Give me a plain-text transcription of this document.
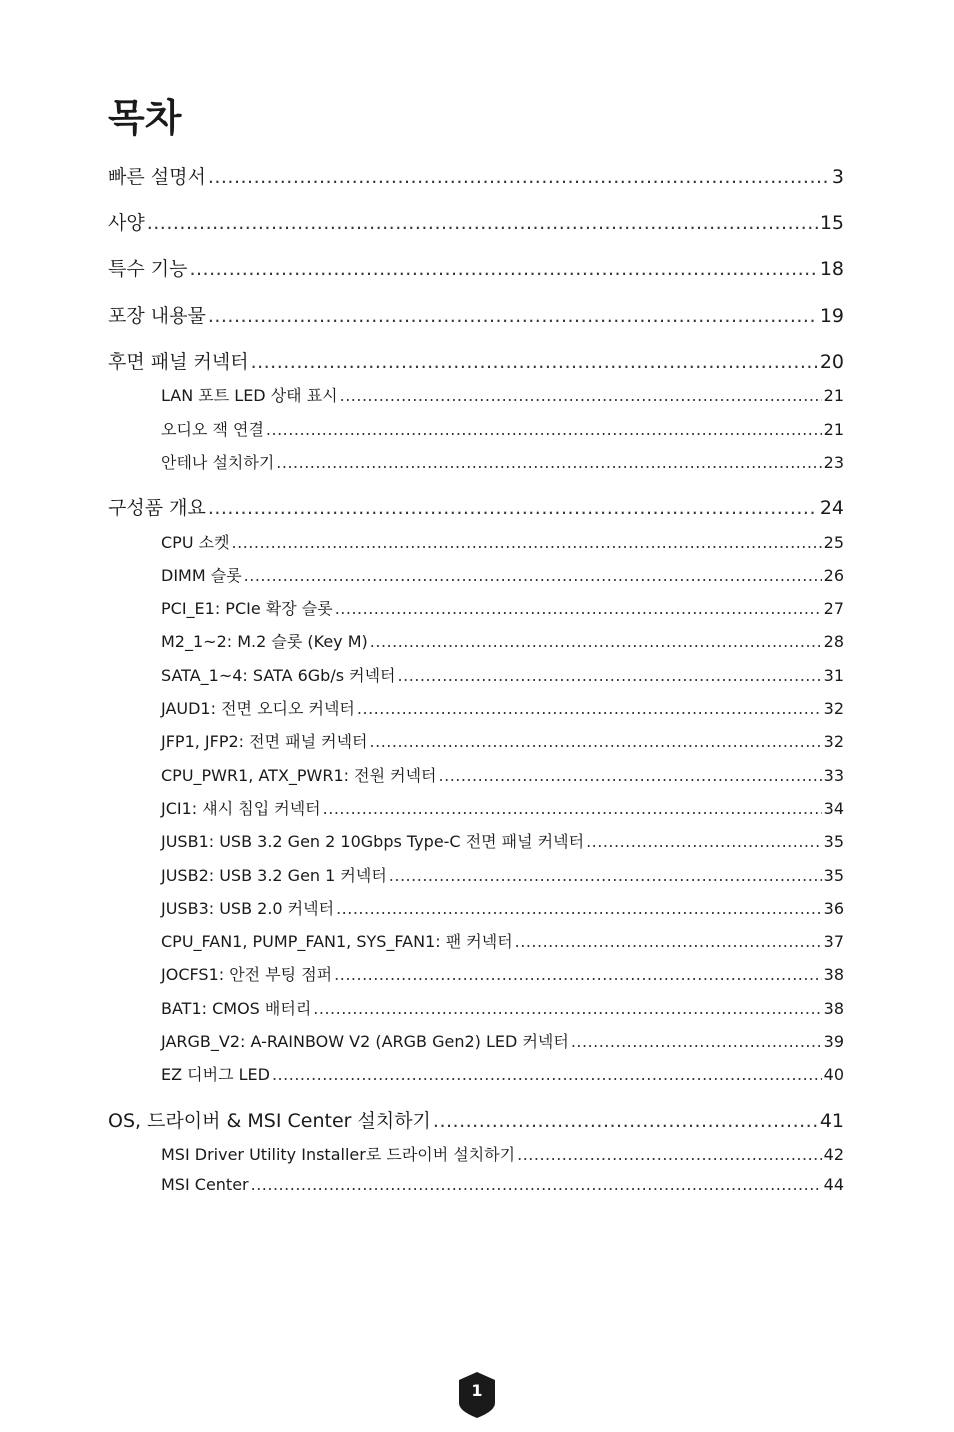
목차
빠른 설명서 .....	3
사양 .....	15
특수 기능 .....	18
포장 내용물 .....	19
후면 패널 커넥터 .....	20
LAN 포트 LED 상태 표시 .....	21
오디오 잭 연결 .....	21
안테나 설치하기 .....	23
구성품 개요 .....	24
CPU 소켓 .....	25
DIMM 슬롯 .....	26
PCI_E1: PCIe 확장 슬롯 .....	27
M2_1~2: M.2 슬롯 (Key M) .....	28
SATA_1~4: SATA 6Gb/s 커넥터 .....	31
JAUD1: 전면 오디오 커넥터 .....	32
JFP1, JFP2: 전면 패널 커넥터 .....	32
CPU_PWR1, ATX_PWR1: 전원 커넥터 .....	33
JCI1: 섀시 침입 커넥터 .....	34
JUSB1: USB 3.2 Gen 2 10Gbps Type-C 전면 패널 커넥터 .....	35
JUSB2: USB 3.2 Gen 1 커넥터 .....	35
JUSB3: USB 2.0 커넥터 .....	36
CPU_FAN1, PUMP_FAN1, SYS_FAN1: 팬 커넥터 .....	37
JOCFS1: 안전 부팅 점퍼 .....	38
BAT1: CMOS 배터리 .....	38
JARGB_V2: A-RAINBOW V2 (ARGB Gen2) LED 커넥터 .....	39
EZ 디버그 LED .....	40
OS, 드라이버 & MSI Center 설치하기 .....	41
MSI Driver Utility Installer로 드라이버 설치하기 .....	42
MSI Center .....	44
1
